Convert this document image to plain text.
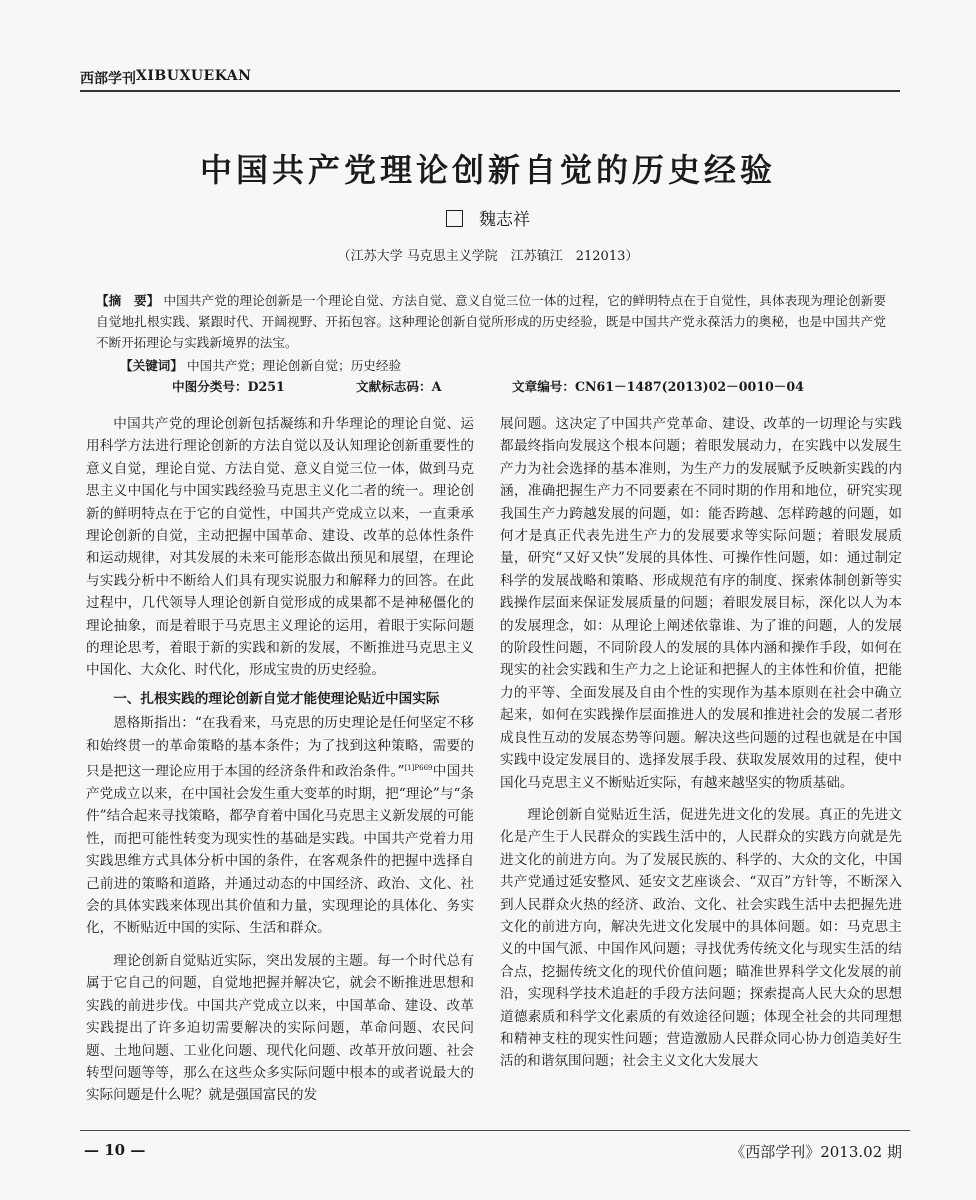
西部学刊 XIBUXUEKAN
中国共产党理论创新自觉的历史经验
魏志祥
（江苏大学 马克思主义学院　江苏镇江　212013）
【摘　要】 中国共产党的理论创新是一个理论自觉、方法自觉、意义自觉三位一体的过程，它的鲜明特点在于自觉性，具体表现为理论创新要自觉地扎根实践、紧跟时代、开阔视野、开拓包容。这种理论创新自觉所形成的历史经验，既是中国共产党永葆活力的奥秘，也是中国共产党不断开拓理论与实践新境界的法宝。
【关键词】 中国共产党；理论创新自觉；历史经验
中图分类号：D251	文献标志码：A	文章编号：CN61－1487(2013)02－0010－04

中国共产党的理论创新包括凝练和升华理论的理论自觉、运用科学方法进行理论创新的方法自觉以及认知理论创新重要性的意义自觉，理论自觉、方法自觉、意义自觉三位一体，做到马克思主义中国化与中国实践经验马克思主义化二者的统一。理论创新的鲜明特点在于它的自觉性，中国共产党成立以来，一直秉承理论创新的自觉，主动把握中国革命、建设、改革的总体性条件和运动规律，对其发展的未来可能形态做出预见和展望，在理论与实践分析中不断给人们具有现实说服力和解释力的回答。在此过程中，几代领导人理论创新自觉形成的成果都不是神秘僵化的理论抽象，而是着眼于马克思主义理论的运用，着眼于实际问题的理论思考，着眼于新的实践和新的发展，不断推进马克思主义中国化、大众化、时代化，形成宝贵的历史经验。

一、扎根实践的理论创新自觉才能使理论贴近中国实际

恩格斯指出：“在我看来，马克思的历史理论是任何坚定不移和始终贯一的革命策略的基本条件；为了找到这种策略，需要的只是把这一理论应用于本国的经济条件和政治条件。”$^{[1]P669}$中国共产党成立以来，在中国社会发生重大变革的时期，把“理论”与“条件”结合起来寻找策略，都孕育着中国化马克思主义新发展的可能性，而把可能性转变为现实性的基础是实践。中国共产党着力用实践思维方式具体分析中国的条件，在客观条件的把握中选择自己前进的策略和道路，并通过动态的中国经济、政治、文化、社会的具体实践来体现出其价值和力量，实现理论的具体化、务实化，不断贴近中国的实际、生活和群众。

理论创新自觉贴近实际，突出发展的主题。每一个时代总有属于它自己的问题，自觉地把握并解决它，就会不断推进思想和实践的前进步伐。中国共产党成立以来，中国革命、建设、改革实践提出了许多迫切需要解决的实际问题，革命问题、农民问题、土地问题、工业化问题、现代化问题、改革开放问题、社会转型问题等等，那么在这些众多实际问题中根本的或者说最大的实际问题是什么呢？就是强国富民的发

展问题。这决定了中国共产党革命、建设、改革的一切理论与实践都最终指向发展这个根本问题；着眼发展动力，在实践中以发展生产力为社会选择的基本准则，为生产力的发展赋予反映新实践的内涵，准确把握生产力不同要素在不同时期的作用和地位，研究实现我国生产力跨越发展的问题，如：能否跨越、怎样跨越的问题，如何才是真正代表先进生产力的发展要求等实际问题；着眼发展质量，研究“又好又快”发展的具体性、可操作性问题，如：通过制定科学的发展战略和策略、形成规范有序的制度、探索体制创新等实践操作层面来保证发展质量的问题；着眼发展目标，深化以人为本的发展理念，如：从理论上阐述依靠谁、为了谁的问题，人的发展的阶段性问题，不同阶段人的发展的具体内涵和操作手段，如何在现实的社会实践和生产力之上论证和把握人的主体性和价值，把能力的平等、全面发展及自由个性的实现作为基本原则在社会中确立起来，如何在实践操作层面推进人的发展和推进社会的发展二者形成良性互动的发展态势等问题。解决这些问题的过程也就是在中国实践中设定发展目的、选择发展手段、获取发展效用的过程，使中国化马克思主义不断贴近实际，有越来越坚实的物质基础。

理论创新自觉贴近生活，促进先进文化的发展。真正的先进文化是产生于人民群众的实践生活中的，人民群众的实践方向就是先进文化的前进方向。为了发展民族的、科学的、大众的文化，中国共产党通过延安整风、延安文艺座谈会、“双百”方针等，不断深入到人民群众火热的经济、政治、文化、社会实践生活中去把握先进文化的前进方向，解决先进文化发展中的具体问题。如：马克思主义的中国气派、中国作风问题；寻找优秀传统文化与现实生活的结合点，挖掘传统文化的现代价值问题；瞄准世界科学文化发展的前沿，实现科学技术追赶的手段方法问题；探索提高人民大众的思想道德素质和科学文化素质的有效途径问题；体现全社会的共同理想和精神支柱的现实性问题；营造激励人民群众同心协力创造美好生活的和谐氛围问题；社会主义文化大发展大

— 10 —	《西部学刊》2013.02 期
